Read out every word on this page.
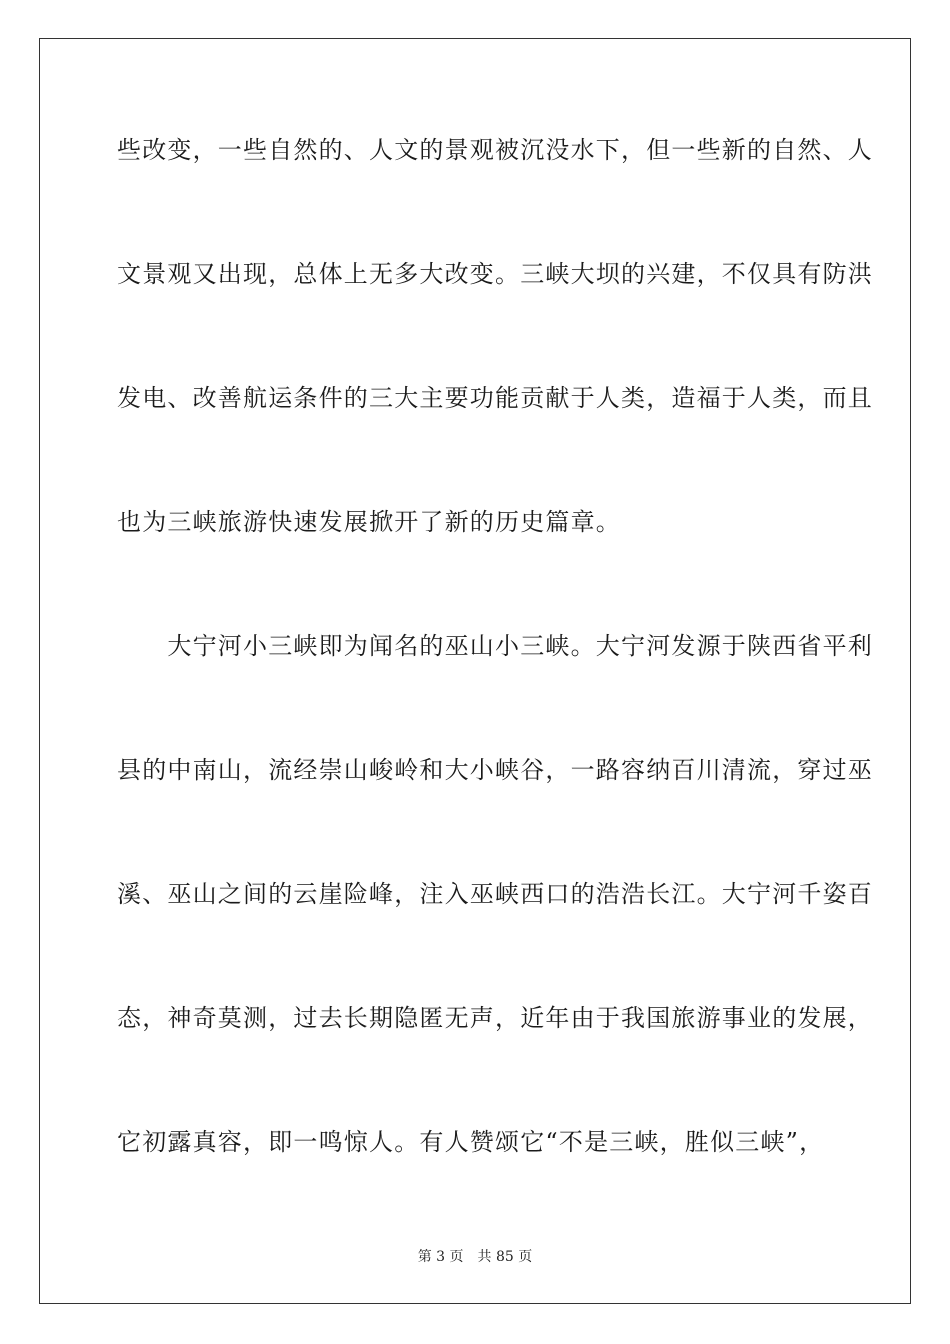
些改变，一些自然的、人文的景观被沉没水下，但一些新的自然、人
文景观又出现，总体上无多大改变。三峡大坝的兴建，不仅具有防洪
发电、改善航运条件的三大主要功能贡献于人类，造福于人类，而且
也为三峡旅游快速发展掀开了新的历史篇章。
　　大宁河小三峡即为闻名的巫山小三峡。大宁河发源于陕西省平利
县的中南山，流经崇山峻岭和大小峡谷，一路容纳百川清流，穿过巫
溪、巫山之间的云崖险峰，注入巫峡西口的浩浩长江。大宁河千姿百
态，神奇莫测，过去长期隐匿无声，近年由于我国旅游事业的发展，
它初露真容，即一鸣惊人。有人赞颂它“不是三峡，胜似三峡”，
第 3 页 共 85 页
